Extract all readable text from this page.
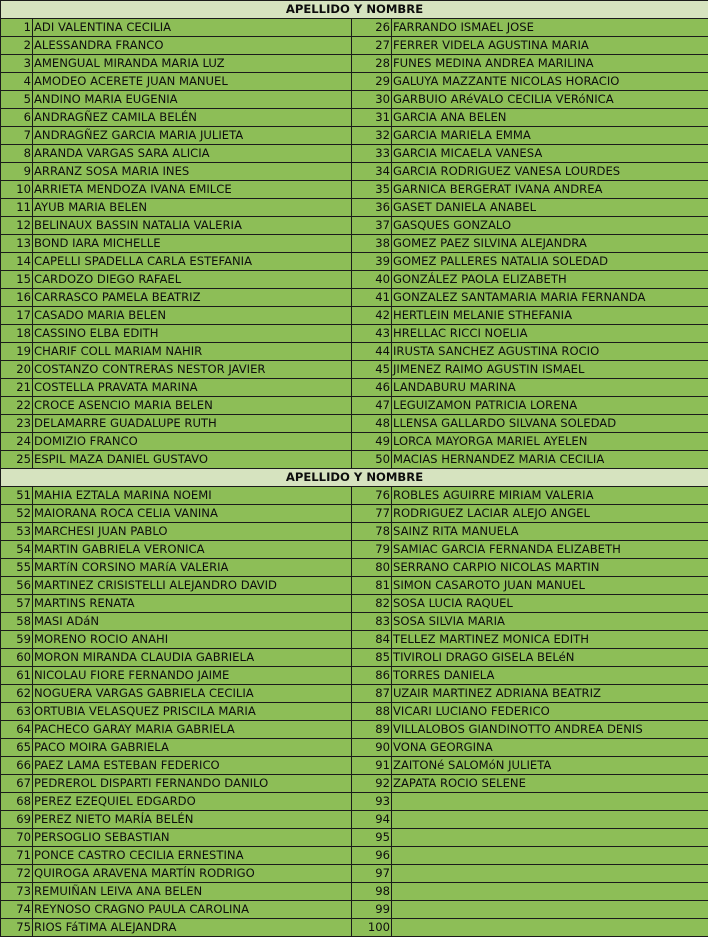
APELLIDO Y NOMBRE			
1	ADI VALENTINA CECILIA	26	FARRANDO ISMAEL JOSE
2	ALESSANDRA FRANCO	27	FERRER VIDELA AGUSTINA MARIA
3	AMENGUAL MIRANDA MARIA LUZ	28	FUNES MEDINA ANDREA MARILINA
4	AMODEO ACERETE JUAN MANUEL	29	GALUYA MAZZANTE NICOLAS HORACIO
5	ANDINO MARIA EUGENIA	30	GARBUIO ARéVALO CECILIA VERóNICA
6	ANDRAGÑEZ CAMILA BELÉN	31	GARCIA ANA BELEN
7	ANDRAGÑEZ GARCIA MARIA JULIETA	32	GARCIA MARIELA EMMA
8	ARANDA VARGAS SARA ALICIA	33	GARCIA MICAELA VANESA
9	ARRANZ SOSA MARIA INES	34	GARCIA RODRIGUEZ VANESA LOURDES
10	ARRIETA MENDOZA IVANA EMILCE	35	GARNICA BERGERAT IVANA ANDREA
11	AYUB MARIA BELEN	36	GASET DANIELA ANABEL
12	BELINAUX BASSIN NATALIA VALERIA	37	GASQUES GONZALO
13	BOND IARA MICHELLE	38	GOMEZ PAEZ SILVINA ALEJANDRA
14	CAPELLI SPADELLA CARLA ESTEFANIA	39	GOMEZ PALLERES NATALIA SOLEDAD
15	CARDOZO DIEGO RAFAEL	40	GONZÁLEZ PAOLA ELIZABETH
16	CARRASCO PAMELA BEATRIZ	41	GONZALEZ SANTAMARIA MARIA FERNANDA
17	CASADO MARIA BELEN	42	HERTLEIN MELANIE STHEFANIA
18	CASSINO ELBA EDITH	43	HRELLAC RICCI NOELIA
19	CHARIF COLL MARIAM NAHIR	44	IRUSTA SANCHEZ AGUSTINA ROCIO
20	COSTANZO CONTRERAS NESTOR JAVIER	45	JIMENEZ RAIMO AGUSTIN ISMAEL
21	COSTELLA PRAVATA MARINA	46	LANDABURU MARINA
22	CROCE ASENCIO MARIA BELEN	47	LEGUIZAMON PATRICIA LORENA
23	DELAMARRE GUADALUPE RUTH	48	LLENSA GALLARDO SILVANA SOLEDAD
24	DOMIZIO FRANCO	49	LORCA MAYORGA MARIEL AYELEN
25	ESPIL MAZA DANIEL GUSTAVO	50	MACIAS HERNANDEZ MARIA CECILIA
APELLIDO Y NOMBRE			
51	MAHIA EZTALA MARINA NOEMI	76	ROBLES AGUIRRE MIRIAM VALERIA
52	MAIORANA ROCA CELIA VANINA	77	RODRIGUEZ LACIAR ALEJO ANGEL
53	MARCHESI JUAN PABLO	78	SAINZ RITA MANUELA
54	MARTIN GABRIELA VERONICA	79	SAMIAC GARCIA FERNANDA ELIZABETH
55	MARTíN CORSINO MARíA VALERIA	80	SERRANO CARPIO NICOLAS MARTIN
56	MARTINEZ CRISISTELLI ALEJANDRO DAVID	81	SIMON CASAROTO JUAN MANUEL
57	MARTINS RENATA	82	SOSA LUCIA RAQUEL
58	MASI ADáN	83	SOSA SILVIA MARIA
59	MORENO ROCIO ANAHI	84	TELLEZ MARTINEZ MONICA EDITH
60	MORON MIRANDA CLAUDIA GABRIELA	85	TIVIROLI DRAGO GISELA BELéN
61	NICOLAU FIORE FERNANDO JAIME	86	TORRES DANIELA
62	NOGUERA VARGAS GABRIELA CECILIA	87	UZAIR MARTINEZ ADRIANA BEATRIZ
63	ORTUBIA VELASQUEZ PRISCILA MARIA	88	VICARI LUCIANO FEDERICO
64	PACHECO GARAY MARIA GABRIELA	89	VILLALOBOS GIANDINOTTO ANDREA DENIS
65	PACO MOIRA GABRIELA	90	VONA GEORGINA
66	PAEZ LAMA ESTEBAN FEDERICO	91	ZAITONé SALOMóN JULIETA
67	PEDREROL DISPARTI FERNANDO DANILO	92	ZAPATA ROCIO SELENE
68	PEREZ EZEQUIEL EDGARDO	93	
69	PEREZ NIETO MARÍA BELÉN	94	
70	PERSOGLIO SEBASTIAN	95	
71	PONCE CASTRO CECILIA ERNESTINA	96	
72	QUIROGA ARAVENA MARTÍN RODRIGO	97	
73	REMUIÑAN LEIVA ANA BELEN	98	
74	REYNOSO CRAGNO PAULA CAROLINA	99	
75	RIOS FáTIMA ALEJANDRA	100	
